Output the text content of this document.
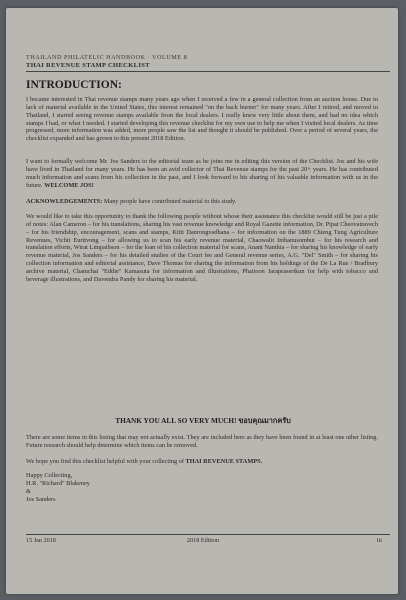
THAILAND PHILATELIC HANDBOOK · VOLUME 8
THAI REVENUE STAMP CHECKLIST
INTRODUCTION:
I became interested in Thai revenue stamps many years ago when I received a few in a general collection from an auction house. Due to lack of material available in the United States, this interest remained "on the back burner" for many years. After I retired, and moved to Thailand, I started seeing revenue stamps available from the local dealers. I really knew very little about them, and had no idea which stamps I had, or what I needed. I started developing this revenue checklist for my own use to help me when I visited local dealers. As time progressed, more information was added, more people saw the list and thought it should be published. Over a period of several years, the checklist expanded and has grown to this present 2018 Edition.
I want to formally welcome Mr. Jos Sanders to the editorial team as he joins me in editing this version of the Checklist. Jos and his wife have lived in Thailand for many years. He has been an avid collector of Thai Revenue stamps for the past 20+ years. He has contributed much information and scans from his collection in the past, and I look forward to his sharing of his valuable information with us in the future. WELCOME JOS!
ACKNOWLEDGEMENTS: Many people have contributed material to this study.
We would like to take this opportunity to thank the following people without whose their assistance this checklist would still be just a pile of notes: Alan Cameron – for his translations, sharing his vast revenue knowledge and Royal Gazette information, Dr. Pipat Cheovatravech – for his friendship, encouragement, scans and stamps, Kitti Danrongvadhana – for information on the 1889 Chieng Tung Agriculture Revenues, Vichit Euritvong – for allowing us to scan his early revenue material, Chaowalit Inthanusombut – for his research and translation efforts, Wirat Limpaibson – for the loan of his collection material for scans, Anant Nanthia – for sharing his knowledge of early revenue material, Jos Sanders – for his detailed studies of the Court fee and General revenue series, A.G. "Del" Smith – for sharing his collection information and editorial assistance, Dave Thomas for sharing the information from his holdings of the De La Rue / Bradbury archive material, Chamchai "Eddie" Kamasuta for information and illustrations, Phaitoon Jaraprasertkun for help with tobacco and beverage illustrations, and Davendra Pandy for sharing his material.
THANK YOU ALL SO VERY MUCH! ขอบคุณมากครับ
There are some items in this listing that may not actually exist. They are included here as they have been found in at least one other listing. Future research should help determine which items can be removed.
We hope you find this checklist helpful with your collecting of THAI REVENUE STAMPS.
Happy Collecting,
H.R. "Richard" Blakeney
&
Jos Sanders
15 Jan 2018	2018 Edition	iii
